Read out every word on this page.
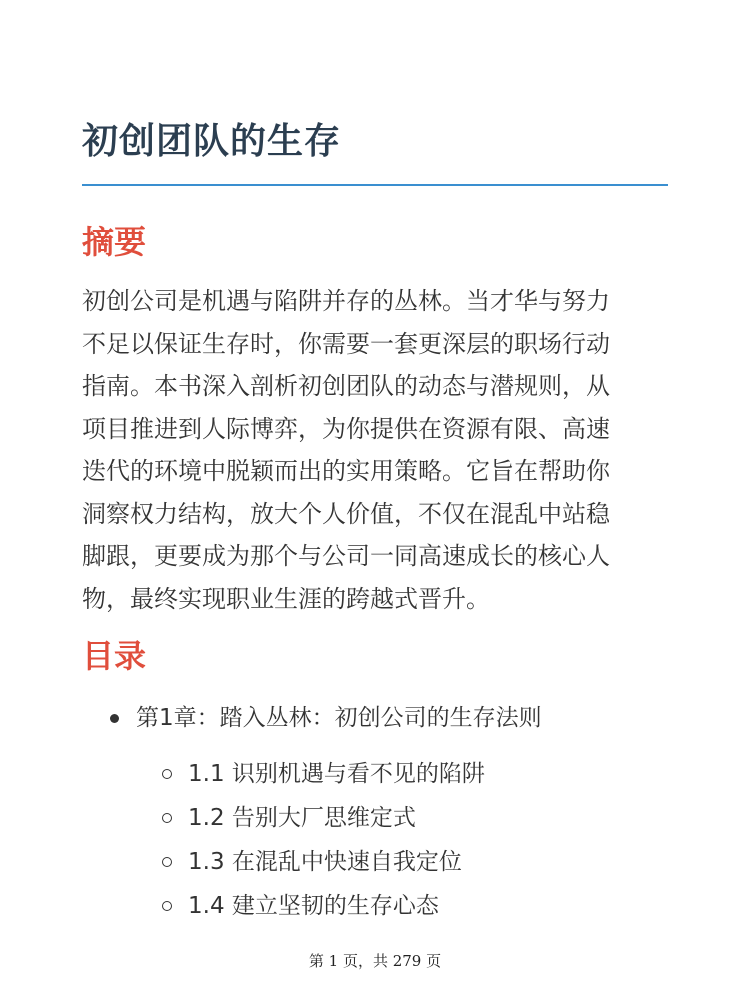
初创团队的生存
摘要

初创公司是机遇与陷阱并存的丛林。当才华与努力
不足以保证生存时，你需要一套更深层的职场行动
指南。本书深入剖析初创团队的动态与潜规则，从
项目推进到人际博弈，为你提供在资源有限、高速
迭代的环境中脱颖而出的实用策略。它旨在帮助你
洞察权力结构，放大个人价值，不仅在混乱中站稳
脚跟，更要成为那个与公司一同高速成长的核心人
物，最终实现职业生涯的跨越式晋升。

目录
第1章：踏入丛林：初创公司的生存法则
1.1 识别机遇与看不见的陷阱
1.2 告别大厂思维定式
1.3 在混乱中快速自我定位
1.4 建立坚韧的生存心态
第 1 页，共 279 页
